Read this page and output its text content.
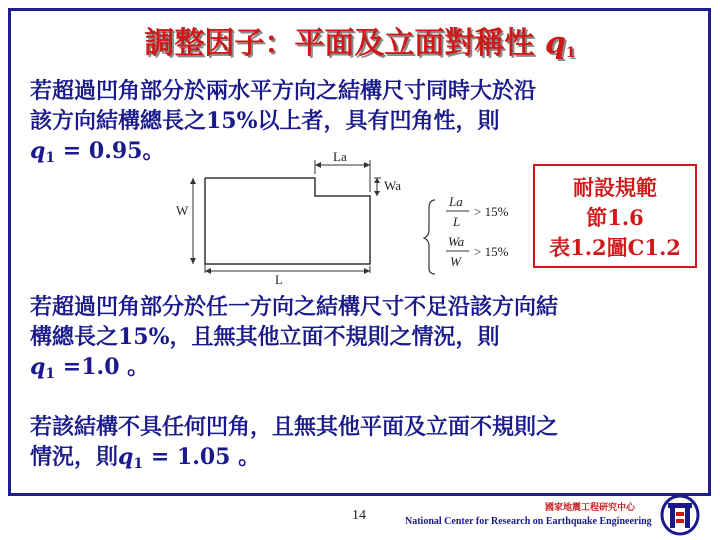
調整因子：平面及立面對稱性 $q_1$
若超過凹角部分於兩水平方向之結構尺寸同時大於沿
該方向結構總長之15%以上者，具有凹角性，則
$q_1 = 0.95$。	La
Wa
W
L
La
L
> 15%
Wa
W
> 15%
耐設規範
節1.6
表1.2圖C1.2
若超過凹角部分於任一方向之結構尺寸不足沿該方向結
構總長之15%，且無其他立面不規則之情況，則
$q_1 =1.0$ 。
若該結構不具任何凹角，且無其他平面及立面不規則之
情況，則$q_1 = 1.05$ 。
14	國家地震工程研究中心
National Center for Research on Earthquake Engineering
